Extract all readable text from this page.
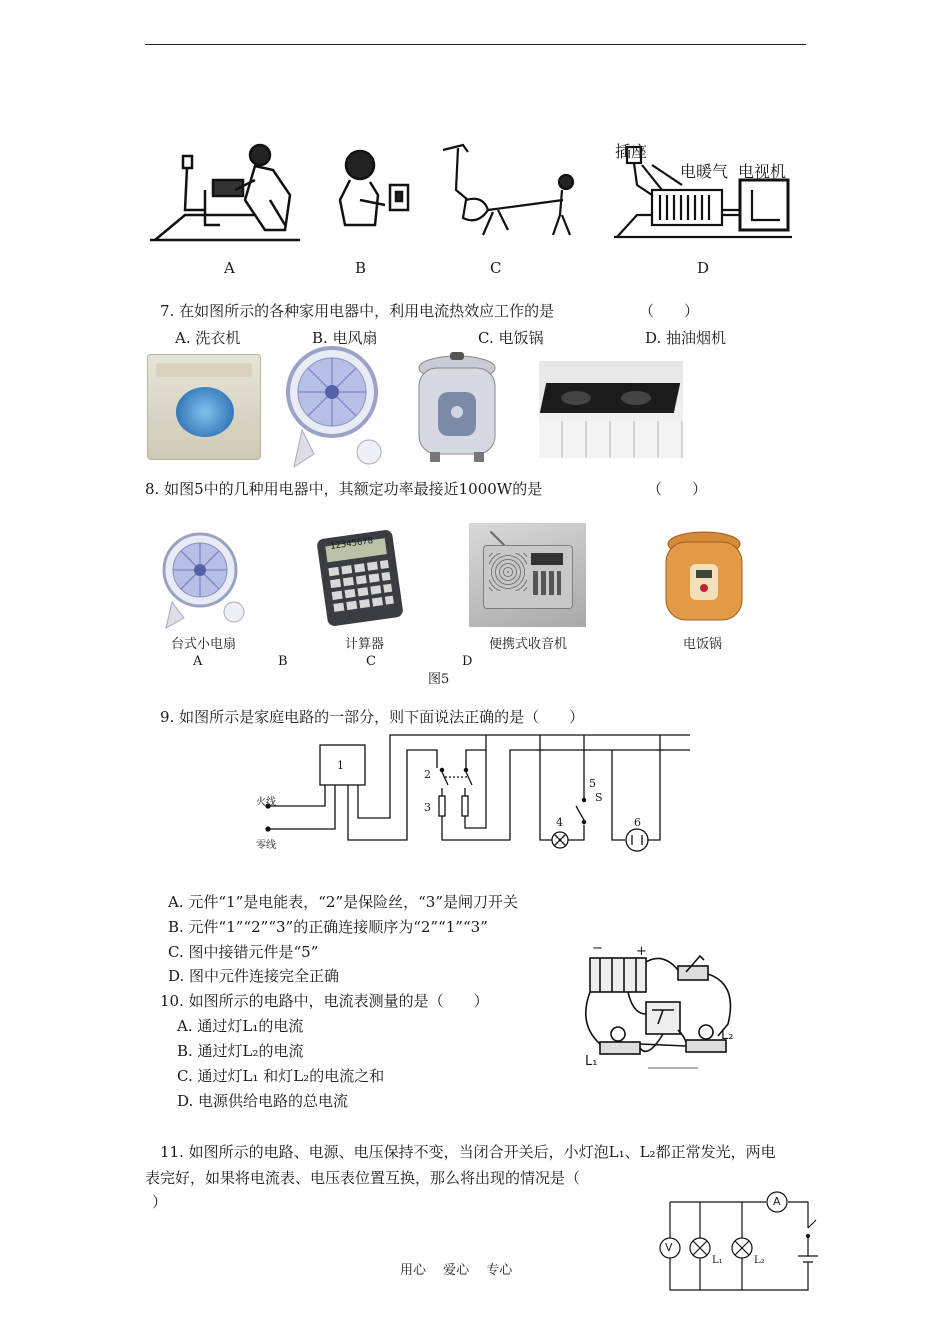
插座
电暖气 电视机
A	B	C	D
7. 在如图所示的各种家用电器中，利用电流热效应工作的是	（　　）
A. 洗衣机	B. 电风扇	C. 电饭锅	D. 抽油烟机
8. 如图5中的几种用电器中，其额定功率最接近1000W的是	（　　）
12345678
台式小电扇	计算器	便携式收音机	电饭锅
A	B	C	D
图5
9. 如图所示是家庭电路的一部分，则下面说法正确的是（　　）
火线
零线
1
2
3
4
5
S
6
A. 元件“1”是电能表，“2”是保险丝，“3”是闸刀开关
B. 元件“1”“2”“3”的正确连接顺序为“2”“1”“3”
C. 图中接错元件是“5”
D. 图中元件连接完全正确
10. 如图所示的电路中，电流表测量的是（　　）
A. 通过灯L₁的电流
B. 通过灯L₂的电流
C. 通过灯L₁ 和灯L₂的电流之和
D. 电源供给电路的总电流
−	+
L₁
L₂
11. 如图所示的电路、电源、电压保持不变，当闭合开关后，小灯泡L₁、L₂都正常发光，两电
表完好，如果将电流表、电压表位置互换，那么将出现的情况是（
）	A
V
L₁	L₂
用心　 爱心　 专心
